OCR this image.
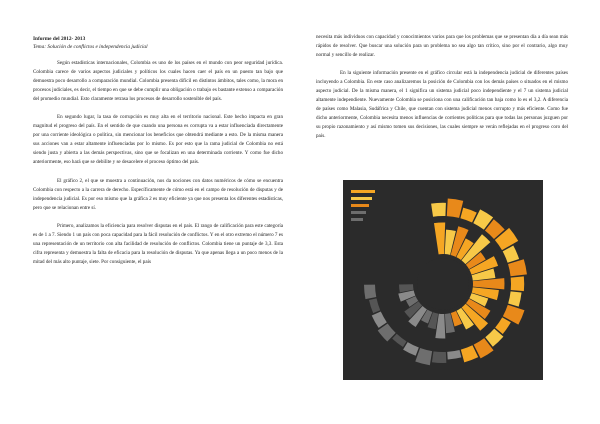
Informe del 2012- 2013
Tema: Solución de conflictos e independencia judicial

Según estadísticas internacionales, Colombia es uno de los países en el mundo con peor seguridad jurídica. Colombia carece de varios aspectos judiciales y políticos los cuales hacen caer el país en un puesto tan bajo que demuestra poco desarrollo a comparación mundial. Colombia presenta difícil en distintos ámbitos, tales como, la mora en procesos judiciales, es decir, el tiempo en que se debe cumplir una obligación o trabajo es bastante extenso a comparación del promedio mundial. Esto claramente retrasa los procesos de desarrollo sostenible del país.

En segundo lugar, la tasa de corrupción es muy alta en el territorio nacional. Este hecho impacta en gran magnitud el progreso del país. En el sentido de que cuando una persona es corrupta va a estar influenciada directamente por una corriente ideológica o política, sin mencionar los beneficios que obtendrá mediante a esto. De la misma manera sus acciones van a estar altamente influenciadas por lo mismo. Es por esto que la rama judicial de Colombia no está siendo justa y abierta a las demás perspectivas, sino que se focalizan en una determinada corriente. Y como fue dicho anteriormente, eso hará que se debilite y se desacelere el proceso óptimo del país.

El gráfico 2, el que se muestra a continuación, nos da nociones con datos numéricos de cómo se encuentra Colombia con respecto a la carrera de derecho. Específicamente de cómo está en el campo de resolución de disputas y de independencia judicial. Es por eso mismo que la gráfica 2 es muy eficiente ya que nos presenta los diferentes estadísticas, pero que se relacionan entre sí.

Primero, analizamos la eficiencia para resolver disputas en el país. El rango de calificación para este categoría es de 1 a 7. Siendo 1 un país con poca capacidad para la fácil resolución de conflictos. Y en el otro extremo el número 7 es una representación de un territorio con alta facilidad de resolución de conflictos. Colombia tiene un puntaje de 3,3. Esta cifra representa y demuestra la falta de eficacia para la resolución de disputas. Ya que apenas llega a un poco menos de la mitad del más alto puntaje, siete. Por consiguiente, el país

necesita más individuos con capacidad y conocimientos varios para que los problemas que se presentan día a día sean más rápidos de resolver. Que buscar una solución para un problema no sea algo tan crítico, sino por el contrario, algo muy normal y sencillo de realizar.

En la siguiente información presente en el gráfico circular está la independencia judicial de diferentes países incluyendo a Colombia. En este caso analizaremos la posición de Colombia con los demás países o situados en el mismo aspecto judicial. De la misma manera, el 1 significa un sistema judicial poco independiente y el 7 un sistema judicial altamente independiente. Nuevamente Colombia se posiciona con una calificación tan baja como lo es el 3,2. A diferencia de países como Malasia, Sudáfrica y Chile, que cuentan con sistema judicial menos corrupto y más eficiente. Como fue dicho anteriormente, Colombia necesita menos influencias de corrientes políticas para que todas las personas juzguen por su propio razonamiento y así mismo tomen sus decisiones, las cuales siempre se verán reflejadas en el progreso coro del país.
